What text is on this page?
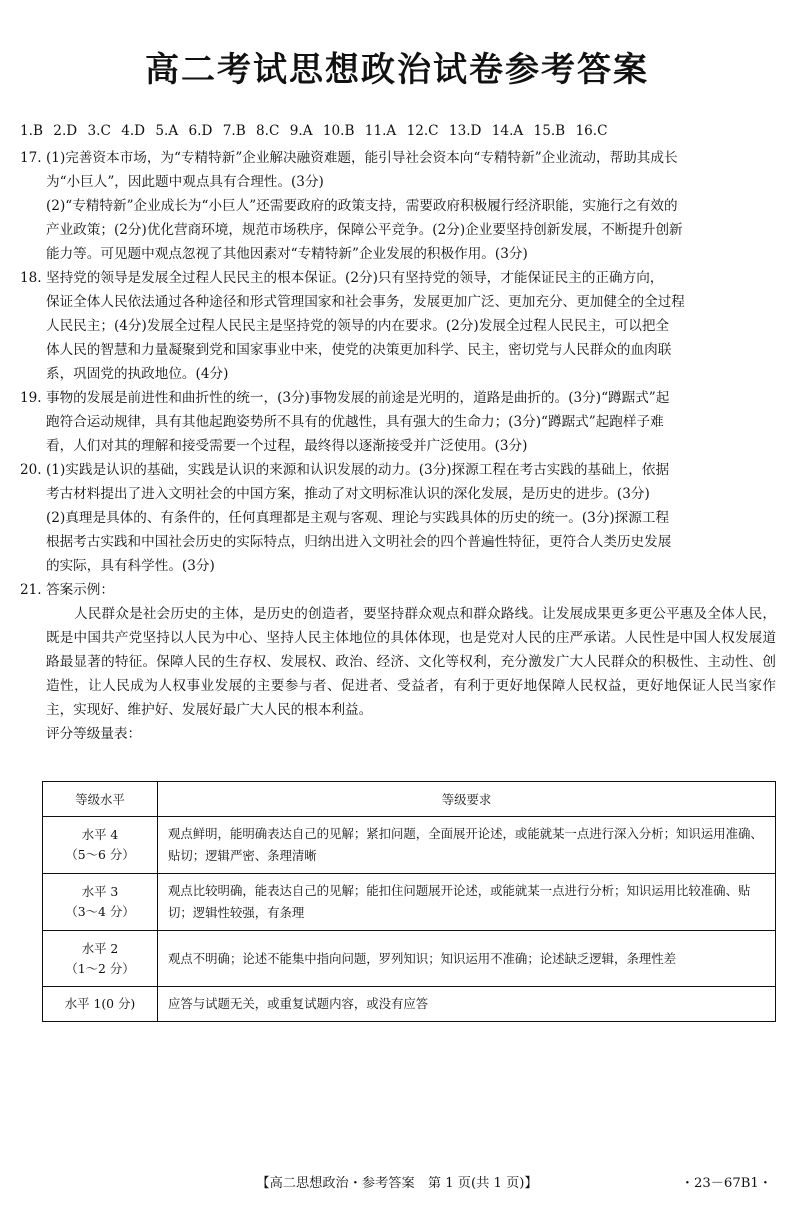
高二考试思想政治试卷参考答案
1.B 2.D 3.C 4.D 5.A 6.D 7.B 8.C 9.A 10.B 11.A 12.C 13.D 14.A 15.B 16.C
17. (1)完善资本市场，为“专精特新”企业解决融资难题，能引导社会资本向“专精特新”企业流动，帮助其成长
为“小巨人”，因此题中观点具有合理性。(3分)
(2)“专精特新”企业成长为“小巨人”还需要政府的政策支持，需要政府积极履行经济职能，实施行之有效的
产业政策；(2分)优化营商环境，规范市场秩序，保障公平竞争。(2分)企业要坚持创新发展，不断提升创新
能力等。可见题中观点忽视了其他因素对“专精特新”企业发展的积极作用。(3分)
18. 坚持党的领导是发展全过程人民民主的根本保证。(2分)只有坚持党的领导，才能保证民主的正确方向，
保证全体人民依法通过各种途径和形式管理国家和社会事务，发展更加广泛、更加充分、更加健全的全过程
人民民主；(4分)发展全过程人民民主是坚持党的领导的内在要求。(2分)发展全过程人民民主，可以把全
体人民的智慧和力量凝聚到党和国家事业中来，使党的决策更加科学、民主，密切党与人民群众的血肉联
系，巩固党的执政地位。(4分)
19. 事物的发展是前进性和曲折性的统一，(3分)事物发展的前途是光明的，道路是曲折的。(3分)“蹲踞式”起
跑符合运动规律，具有其他起跑姿势所不具有的优越性，具有强大的生命力；(3分)“蹲踞式”起跑样子难
看，人们对其的理解和接受需要一个过程，最终得以逐渐接受并广泛使用。(3分)
20. (1)实践是认识的基础，实践是认识的来源和认识发展的动力。(3分)探源工程在考古实践的基础上，依据
考古材料提出了进入文明社会的中国方案，推动了对文明标准认识的深化发展，是历史的进步。(3分)
(2)真理是具体的、有条件的，任何真理都是主观与客观、理论与实践具体的历史的统一。(3分)探源工程
根据考古实践和中国社会历史的实际特点，归纳出进入文明社会的四个普遍性特征，更符合人类历史发展
的实际，具有科学性。(3分)
21. 答案示例：

人民群众是社会历史的主体，是历史的创造者，要坚持群众观点和群众路线。让发展成果更多更公平惠及全体人民，既是中国共产党坚持以人民为中心、坚持人民主体地位的具体体现，也是党对人民的庄严承诺。人民性是中国人权发展道路最显著的特征。保障人民的生存权、发展权、政治、经济、文化等权利，充分激发广大人民群众的积极性、主动性、创造性，让人民成为人权事业发展的主要参与者、促进者、受益者，有利于更好地保障人民权益，更好地保证人民当家作主，实现好、维护好、发展好最广大人民的根本利益。

评分等级量表：
等级水平	等级要求

水平 4
（5～6 分）	观点鲜明，能明确表达自己的见解；紧扣问题，全面展开论述，或能就某一点进行深入分析；知识运用准确、贴切；逻辑严密、条理清晰

水平 3
（3～4 分）	观点比较明确，能表达自己的见解；能扣住问题展开论述，或能就某一点进行分析；知识运用比较准确、贴切；逻辑性较强，有条理

水平 2
（1～2 分）	观点不明确；论述不能集中指向问题，罗列知识；知识运用不准确；论述缺乏逻辑，条理性差

水平 1(0 分)	应答与试题无关，或重复试题内容，或没有应答
【高二思想政治・参考答案　第 1 页(共 1 页)】	・23－67B1・
